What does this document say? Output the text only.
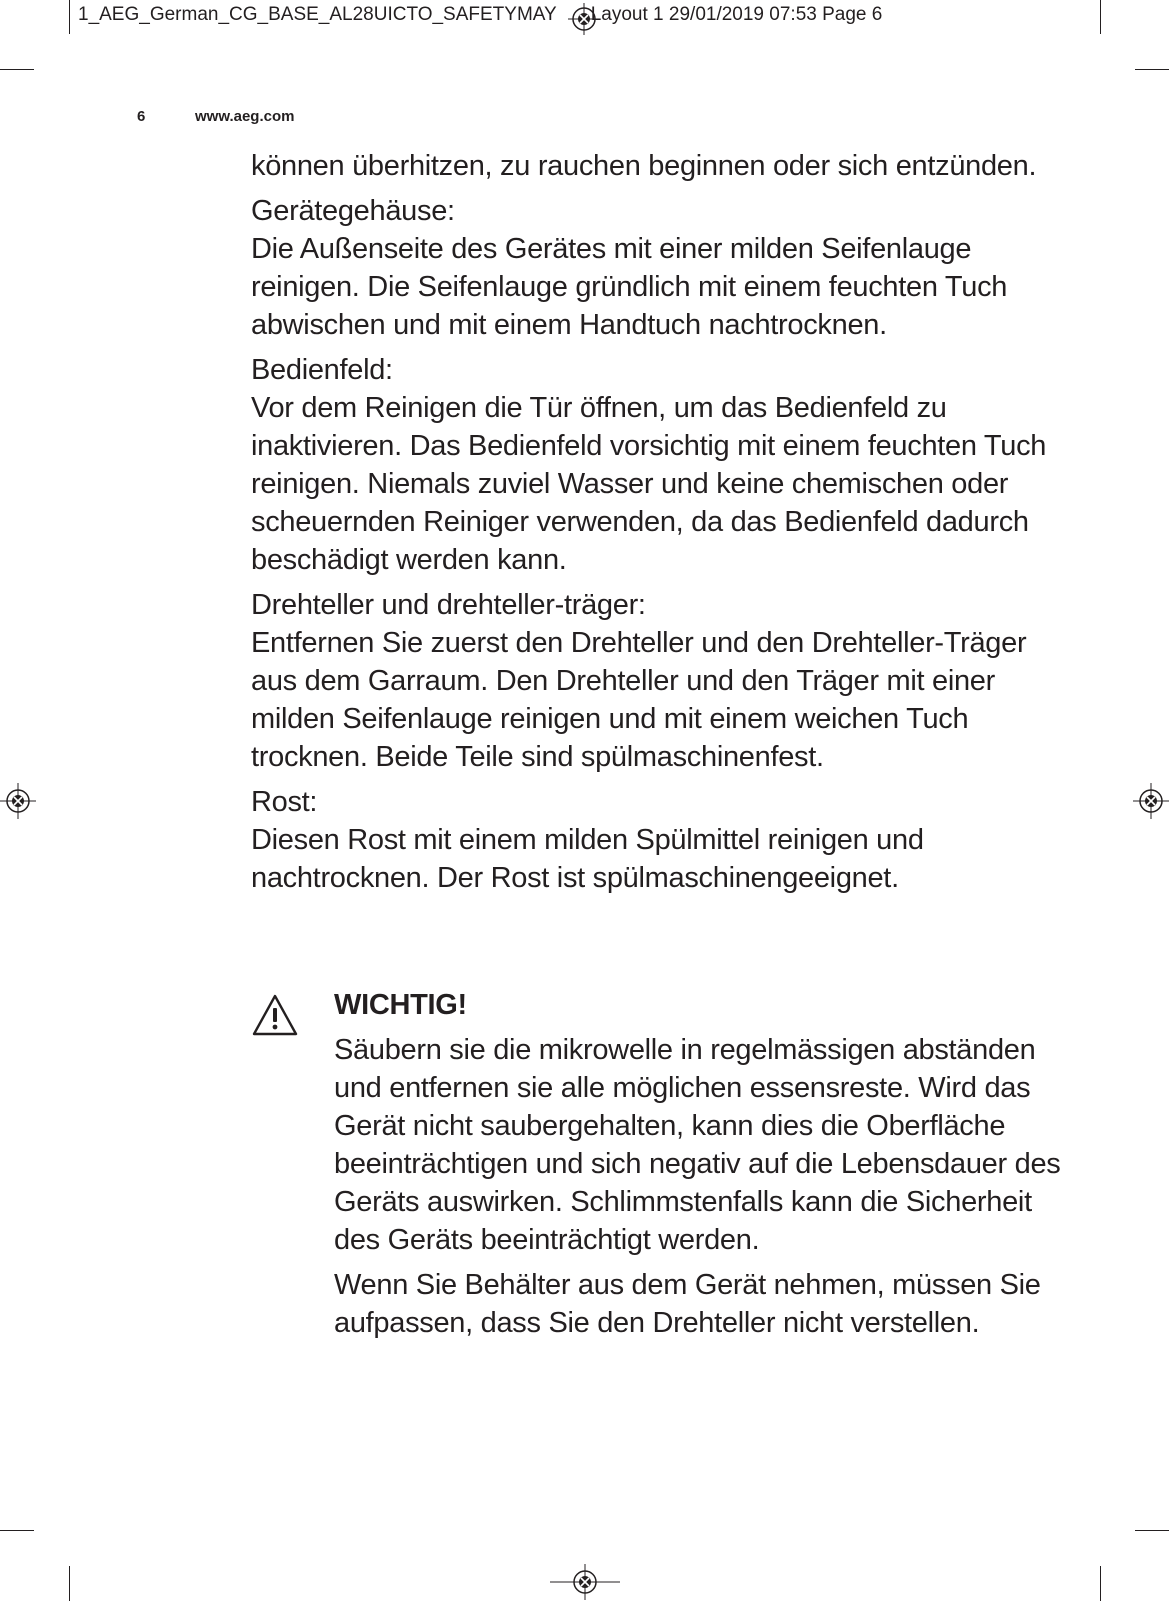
1_AEG_German_CG_BASE_AL28UICTO_SAFETYMAY Layout 1 29/01/2019 07:53 Page 6
6	www.aeg.com

können überhitzen, zu rauchen beginnen oder sich entzünden.

Gerätegehäuse:

Die Außenseite des Gerätes mit einer milden Seifenlauge reinigen. Die Seifenlauge gründlich mit einem feuchten Tuch abwischen und mit einem Handtuch nachtrocknen.

Bedienfeld:

Vor dem Reinigen die Tür öffnen, um das Bedienfeld zu inaktivieren. Das Bedienfeld vorsichtig mit einem feuchten Tuch reinigen. Niemals zuviel Wasser und keine chemischen oder scheuernden Reiniger verwenden, da das Bedienfeld dadurch beschädigt werden kann.

Drehteller und drehteller-träger:

Entfernen Sie zuerst den Drehteller und den Drehteller-Träger aus dem Garraum. Den Drehteller und den Träger mit einer milden Seifenlauge reinigen und mit einem weichen Tuch trocknen. Beide Teile sind spülmaschinenfest.

Rost:

Diesen Rost mit einem milden Spülmittel reinigen und nachtrocknen. Der Rost ist spülmaschinengeeignet.

WICHTIG!

Säubern sie die mikrowelle in regelmässigen abständen und entfernen sie alle möglichen essensreste. Wird das Gerät nicht saubergehalten, kann dies die Oberfläche beeinträchtigen und sich negativ auf die Lebensdauer des Geräts auswirken. Schlimmstenfalls kann die Sicherheit des Geräts beeinträchtigt werden.

Wenn Sie Behälter aus dem Gerät nehmen, müssen Sie aufpassen, dass Sie den Drehteller nicht verstellen.
